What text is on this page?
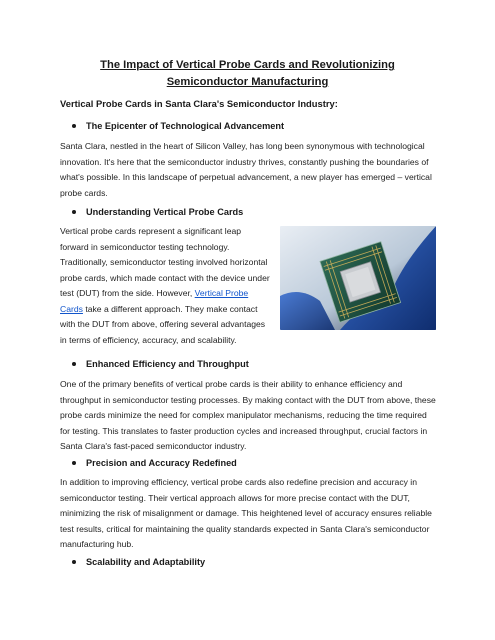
The Impact of Vertical Probe Cards and Revolutionizing Semiconductor Manufacturing
Vertical Probe Cards in Santa Clara's Semiconductor Industry:
The Epicenter of Technological Advancement
Santa Clara, nestled in the heart of Silicon Valley, has long been synonymous with technological innovation. It's here that the semiconductor industry thrives, constantly pushing the boundaries of what's possible. In this landscape of perpetual advancement, a new player has emerged – vertical probe cards.
Understanding Vertical Probe Cards
Vertical probe cards represent a significant leap forward in semiconductor testing technology. Traditionally, semiconductor testing involved horizontal probe cards, which made contact with the device under test (DUT) from the side. However, Vertical Probe Cards take a different approach. They make contact with the DUT from above, offering several advantages in terms of efficiency, accuracy, and scalability.
Enhanced Efficiency and Throughput
One of the primary benefits of vertical probe cards is their ability to enhance efficiency and throughput in semiconductor testing processes. By making contact with the DUT from above, these probe cards minimize the need for complex manipulator mechanisms, reducing the time required for testing. This translates to faster production cycles and increased throughput, crucial factors in Santa Clara's fast-paced semiconductor industry.
Precision and Accuracy Redefined
In addition to improving efficiency, vertical probe cards also redefine precision and accuracy in semiconductor testing. Their vertical approach allows for more precise contact with the DUT, minimizing the risk of misalignment or damage. This heightened level of accuracy ensures reliable test results, critical for maintaining the quality standards expected in Santa Clara's semiconductor manufacturing hub.
Scalability and Adaptability
